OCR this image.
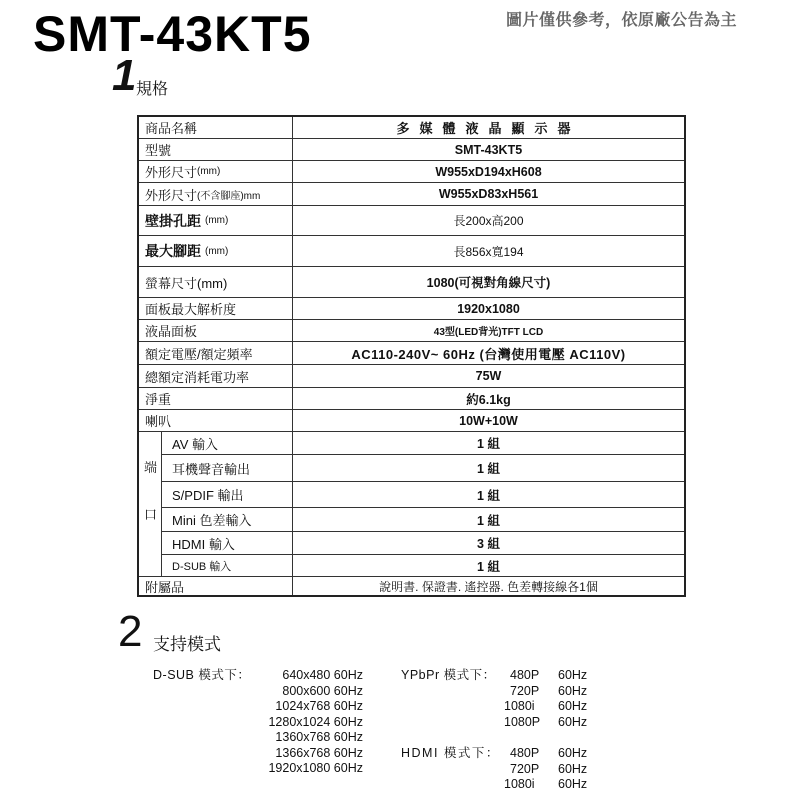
SMT-43KT5	圖片僅供參考，依原廠公告為主
1 規格
商品名稱	多媒體液晶顯示器
型號	SMT-43KT5
外形尺寸 (mm)	W955xD194xH608
外形尺寸 (不含腳座)mm	W955xD83xH561
壁掛孔距 (mm)	長200x高200
最大腳距 (mm)	長856x寬194
螢幕尺寸(mm)	1080(可視對角線尺寸)
面板最大解析度	1920x1080
液晶面板	43型(LED背光)TFT LCD
額定電壓/額定頻率	AC110-240V~ 60Hz (台灣使用電壓 AC110V)
總額定消耗電功率	75W
淨重	約6.1kg
喇叭	10W+10W
端
口
AV 輸入	1 組
耳機聲音輸出	1 組
S/PDIF 輸出	1 組
Mini 色差輸入	1 組
HDMI 輸入	3 組
D-SUB 輸入	1 組
附屬品	說明書. 保證書. 遙控器. 色差轉接線各1個
2 支持模式
D-SUB 模式下：	640x480 60Hz
800x600 60Hz
1024x768 60Hz
1280x1024 60Hz
1360x768 60Hz
1366x768 60Hz
1920x1080 60Hz
YPbPr 模式下：	480P	60Hz
720P	60Hz
1080i	60Hz
1080P	60Hz
HDMI 模式下： 480P	60Hz
720P	60Hz
1080i	60Hz
